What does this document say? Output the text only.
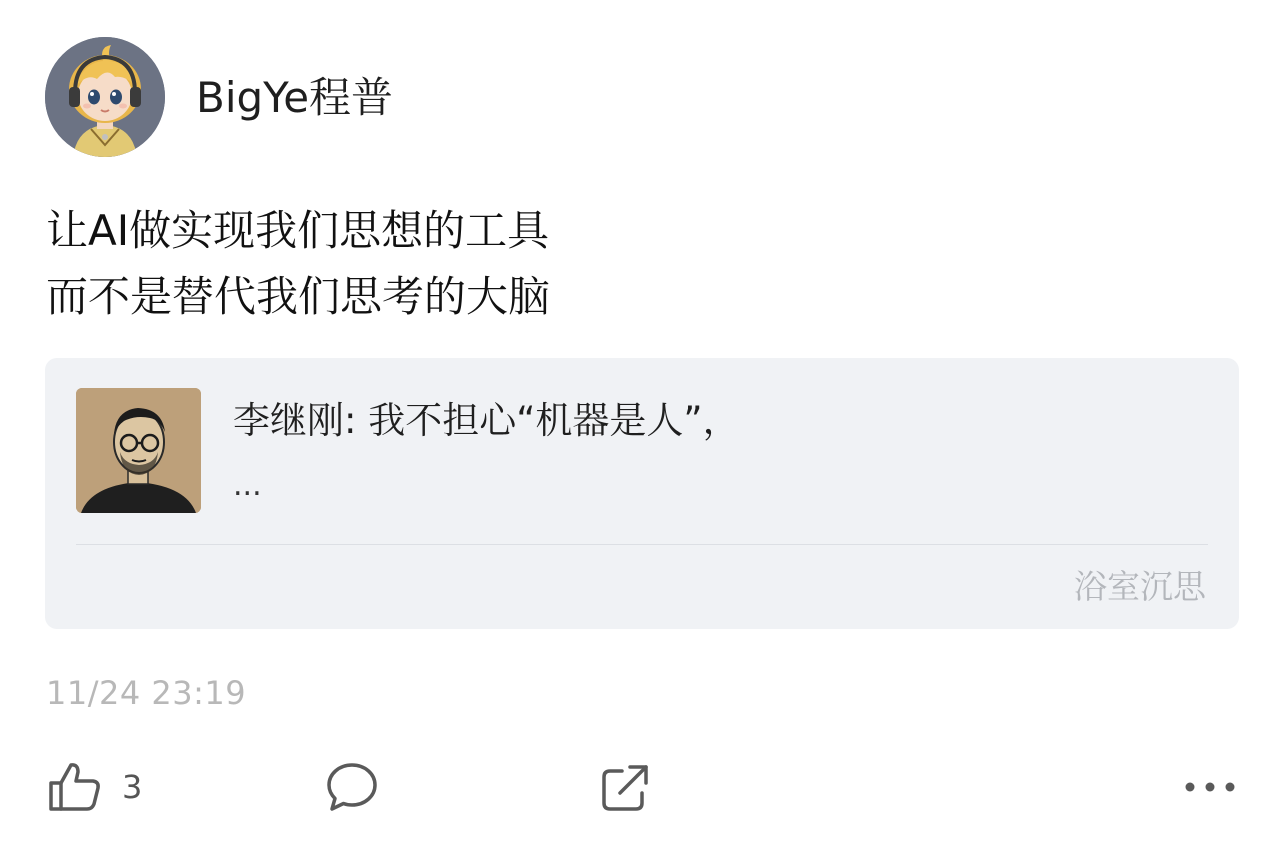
BigYe程普
让AI做实现我们思想的工具
而不是替代我们思考的大脑
李继刚: 我不担心“机器是人”，
...
浴室沉思
11/24 23:19
3
